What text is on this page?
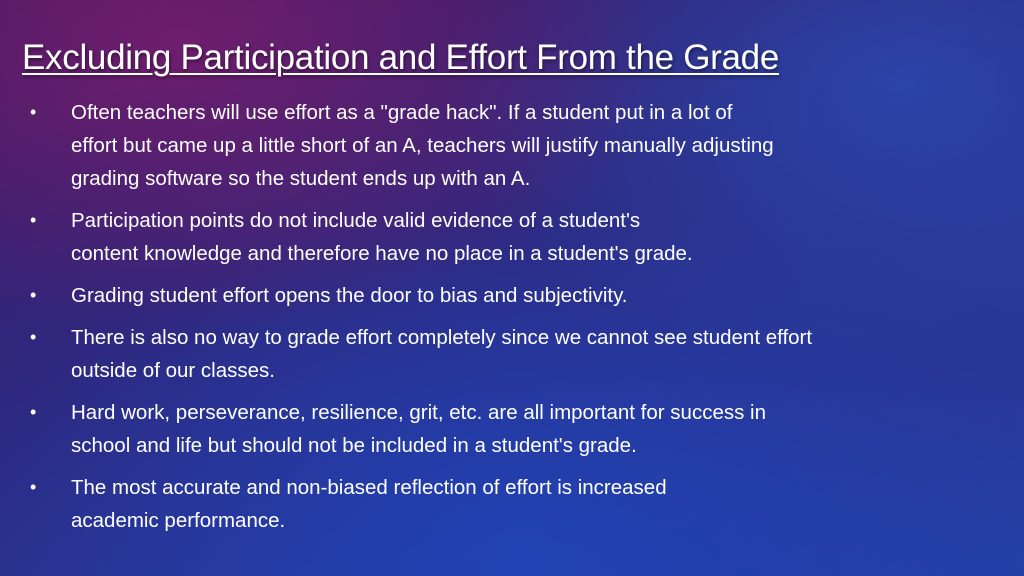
Excluding Participation and Effort From the Grade
•	Often teachers will use effort as a "grade hack". If a student put in a lot of
effort but came up a little short of an A, teachers will justify manually adjusting
grading software so the student ends up with an A.
•	Participation points do not include valid evidence of a student's
content knowledge and therefore have no place in a student's grade.
•	Grading student effort opens the door to bias and subjectivity.
•	There is also no way to grade effort completely since we cannot see student effort
outside of our classes.
•	Hard work, perseverance, resilience, grit, etc. are all important for success in
school and life but should not be included in a student's grade.
•	The most accurate and non-biased reflection of effort is increased
academic performance.
